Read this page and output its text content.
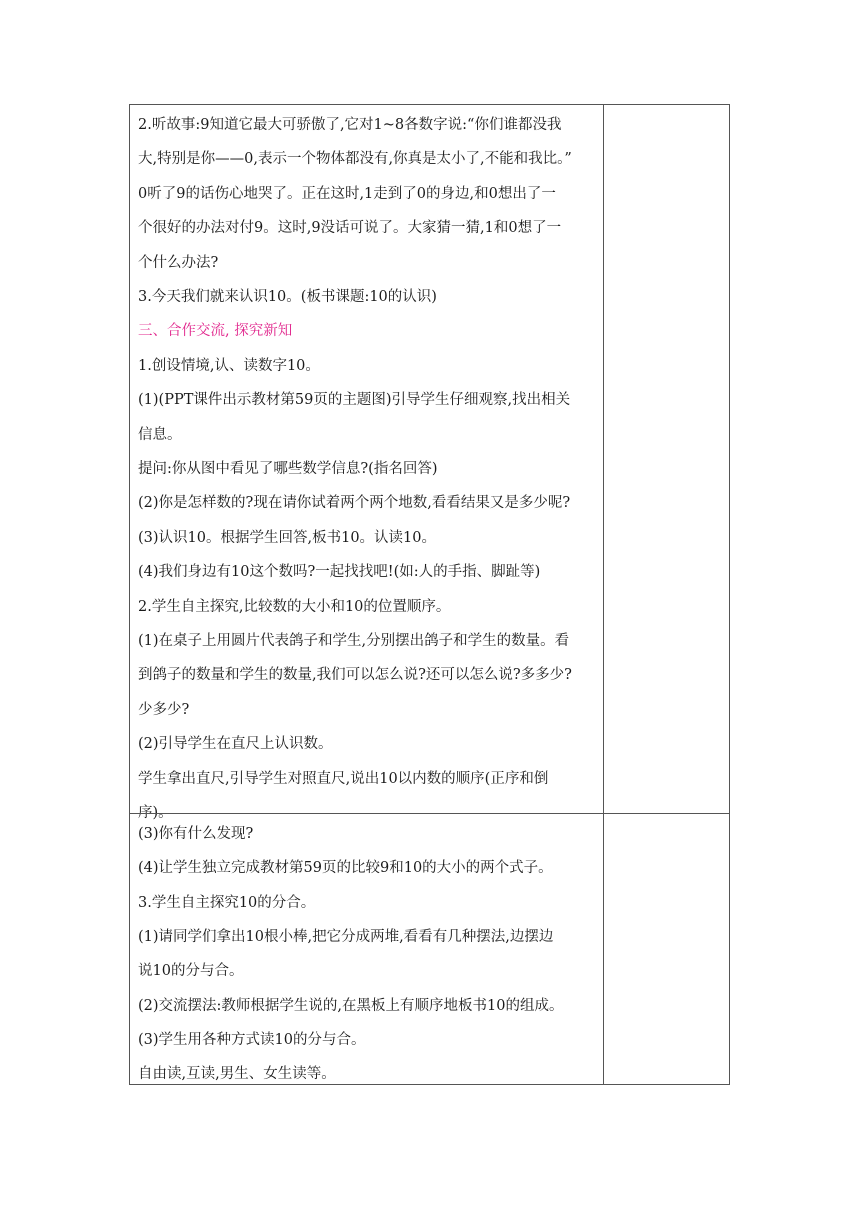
2.听故事:9知道它最大可骄傲了,它对1~8各数字说:“你们谁都没我
大,特别是你——0,表示一个物体都没有,你真是太小了,不能和我比。”
0听了9的话伤心地哭了。正在这时,1走到了0的身边,和0想出了一
个很好的办法对付9。这时,9没话可说了。大家猜一猜,1和0想了一
个什么办法?
3.今天我们就来认识10。(板书课题:10的认识)
三、合作交流, 探究新知
1.创设情境,认、读数字10。
(1)(PPT课件出示教材第59页的主题图)引导学生仔细观察,找出相关
信息。
提问:你从图中看见了哪些数学信息?(指名回答)
(2)你是怎样数的?现在请你试着两个两个地数,看看结果又是多少呢?
(3)认识10。根据学生回答,板书10。认读10。
(4)我们身边有10这个数吗?一起找找吧!(如:人的手指、脚趾等)
2.学生自主探究,比较数的大小和10的位置顺序。
(1)在桌子上用圆片代表鸽子和学生,分别摆出鸽子和学生的数量。看
到鸽子的数量和学生的数量,我们可以怎么说?还可以怎么说?多多少?
少多少?
(2)引导学生在直尺上认识数。
学生拿出直尺,引导学生对照直尺,说出10以内数的顺序(正序和倒
序)。
(3)你有什么发现?
(4)让学生独立完成教材第59页的比较9和10的大小的两个式子。
3.学生自主探究10的分合。
(1)请同学们拿出10根小棒,把它分成两堆,看看有几种摆法,边摆边
说10的分与合。
(2)交流摆法:教师根据学生说的,在黑板上有顺序地板书10的组成。
(3)学生用各种方式读10的分与合。
自由读,互读,男生、女生读等。
